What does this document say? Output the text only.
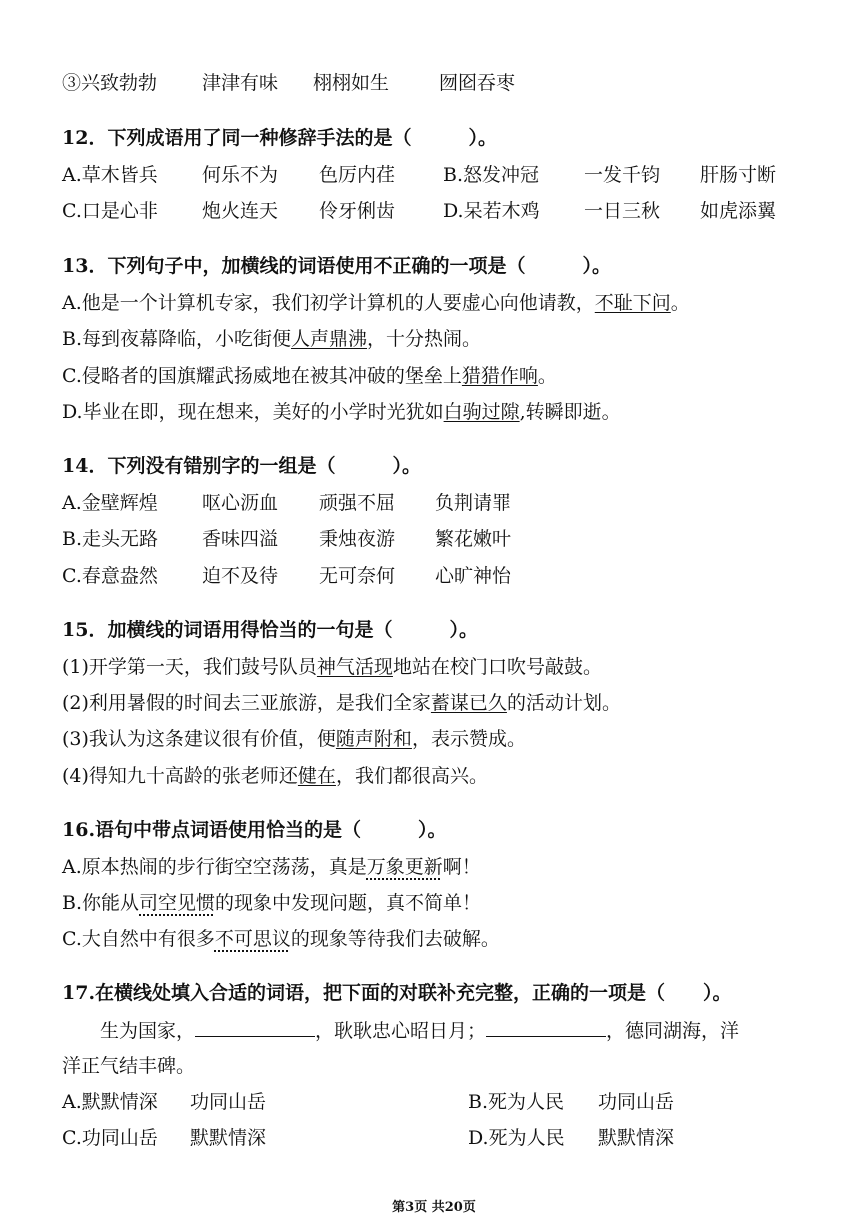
③兴致勃勃 津津有味 栩栩如生	囫囵吞枣
12．下列成语用了同一种修辞手法的是（　　　）。
A.草木皆兵 何乐不为 色厉内荏	B.怒发冲冠 一发千钧 肝肠寸断
C.口是心非 炮火连天 伶牙俐齿	D.呆若木鸡 一日三秋 如虎添翼
13．下列句子中，加横线的词语使用不正确的一项是（　　　）。
A.他是一个计算机专家，我们初学计算机的人要虚心向他请教，不耻下问。
B.每到夜幕降临，小吃街便人声鼎沸，十分热闹。
C.侵略者的国旗耀武扬威地在被其冲破的堡垒上猎猎作响。
D.毕业在即，现在想来，美好的小学时光犹如白驹过隙,转瞬即逝。
14．下列没有错别字的一组是（　　　）。
A.金壁辉煌 呕心沥血 顽强不屈 负荆请罪
B.走头无路 香味四溢 秉烛夜游 繁花嫩叶
C.春意盎然 迫不及待 无可奈何 心旷神怡
15．加横线的词语用得恰当的一句是（　　　）。
(1)开学第一天，我们鼓号队员神气活现地站在校门口吹号敲鼓。
(2)利用暑假的时间去三亚旅游，是我们全家蓄谋已久的活动计划。
(3)我认为这条建议很有价值，便随声附和，表示赞成。
(4)得知九十高龄的张老师还健在，我们都很高兴。
16.语句中带点词语使用恰当的是（　　　）。
A.原本热闹的步行街空空荡荡，真是万象更新啊！
B.你能从司空见惯的现象中发现问题，真不简单！
C.大自然中有很多不可思议的现象等待我们去破解。
17.在横线处填入合适的词语，把下面的对联补充完整，正确的一项是（　　）。
生为国家，	，耿耿忠心昭日月；	，德同湖海，洋
洋正气结丰碑。
A.默默情深 功同山岳	B.死为人民 功同山岳
C.功同山岳 默默情深	D.死为人民 默默情深
第3页 共20页
